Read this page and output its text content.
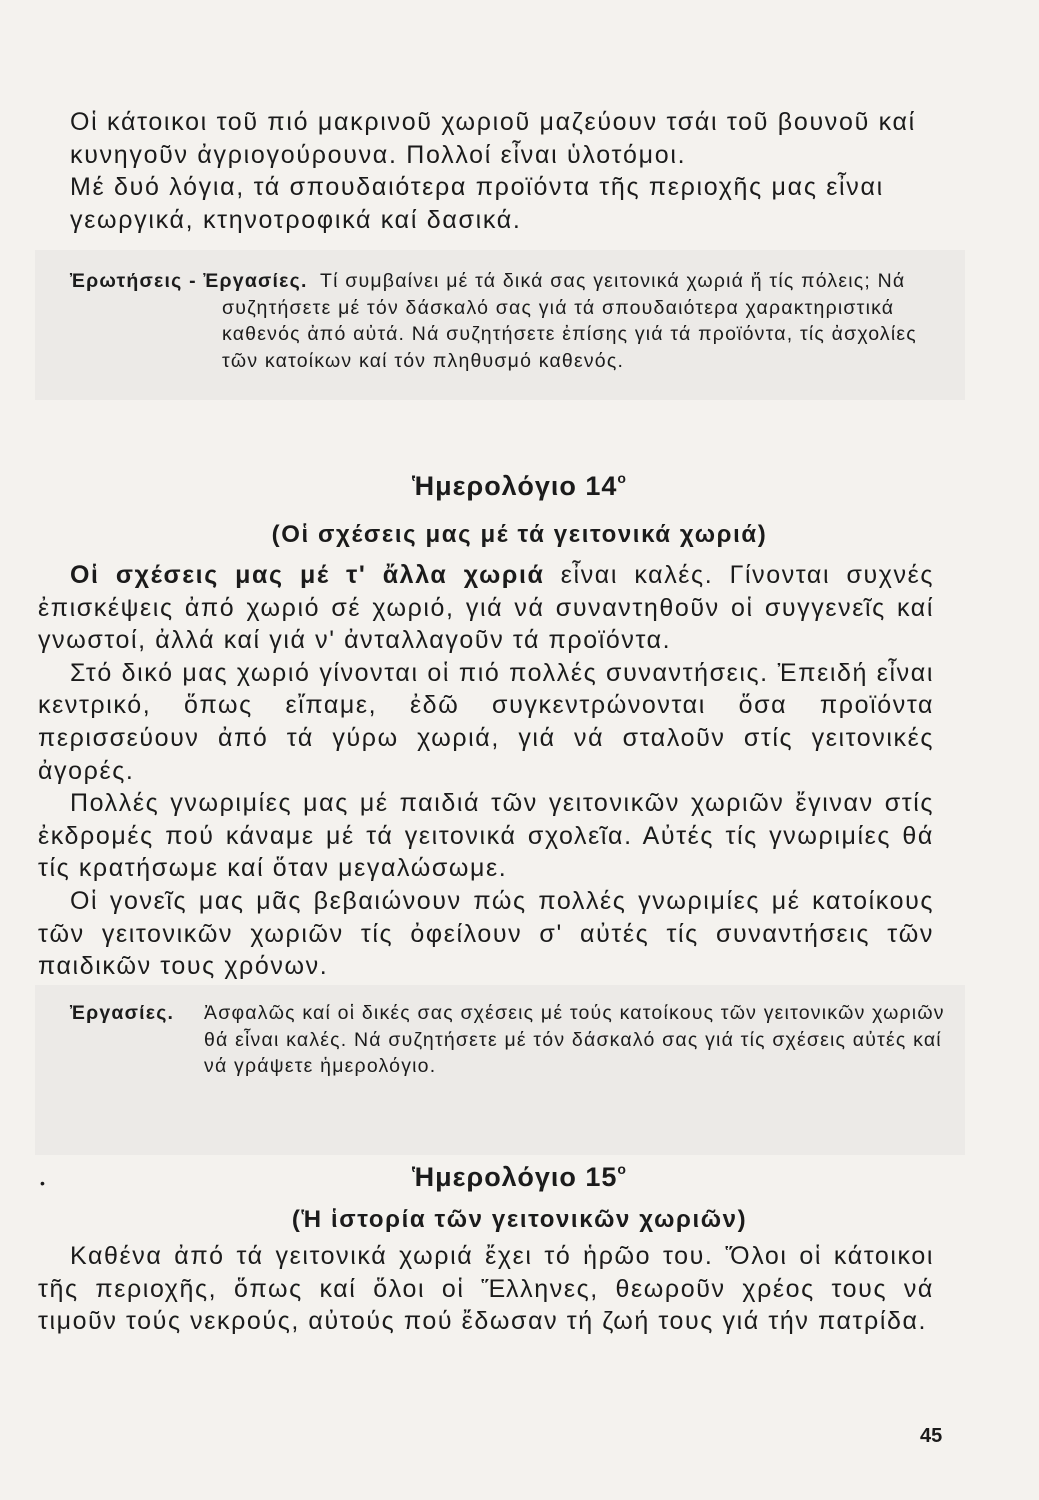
Οἱ κάτοικοι τοῦ πιό μακρινοῦ χωριοῦ μαζεύουν τσάι τοῦ βουνοῦ καί κυνηγοῦν ἀγριογούρουνα. Πολλοί εἶναι ὑλοτόμοι.

Μέ δυό λόγια, τά σπουδαιότερα προϊόντα τῆς περιοχῆς μας εἶναι γεωργικά, κτηνοτροφικά καί δασικά.

Ἐρωτήσεις - Ἐργασίες. Τί συμβαίνει μέ τά δικά σας γειτονικά χωριά ἤ τίς πόλεις; Νά συζητήσετε μέ τόν δάσκαλό σας γιά τά σπουδαιότερα χαρακτηριστικά καθενός ἀπό αὐτά. Νά συζητήσετε ἐπίσης γιά τά προϊόντα, τίς ἀσχολίες τῶν κατοίκων καί τόν πληθυσμό καθενός.
Ἡμερολόγιο $14^o$
(Οἱ σχέσεις μας μέ τά γειτονικά χωριά)

Οἱ σχέσεις μας μέ τ' ἄλλα χωριά εἶναι καλές. Γίνονται συχνές ἐπισκέψεις ἀπό χωριό σέ χωριό, γιά νά συναντηθοῦν οἱ συγγενεῖς καί γνωστοί, ἀλλά καί γιά ν' ἀνταλλαγοῦν τά προϊόντα.

Στό δικό μας χωριό γίνονται οἱ πιό πολλές συναντήσεις. Ἐπειδή εἶναι κεντρικό, ὅπως εἴπαμε, ἐδῶ συγκεντρώνονται ὅσα προϊόντα περισσεύουν ἀπό τά γύρω χωριά, γιά νά σταλοῦν στίς γειτονικές ἀγορές.

Πολλές γνωριμίες μας μέ παιδιά τῶν γειτονικῶν χωριῶν ἔγιναν στίς ἐκδρομές πού κάναμε μέ τά γειτονικά σχολεῖα. Αὐτές τίς γνωριμίες θά τίς κρατήσωμε καί ὅταν μεγαλώσωμε.

Οἱ γονεῖς μας μᾶς βεβαιώνουν πώς πολλές γνωριμίες μέ κατοίκους τῶν γειτονικῶν χωριῶν τίς ὀφείλουν σ' αὐτές τίς συναντήσεις τῶν παιδικῶν τους χρόνων.

Ἐργασίες. Ἀσφαλῶς καί οἱ δικές σας σχέσεις μέ τούς κατοίκους τῶν γειτονικῶν χωριῶν θά εἶναι καλές. Νά συζητήσετε μέ τόν δάσκαλό σας γιά τίς σχέσεις αὐτές καί νά γράψετε ἡμερολόγιο.
•	Ἡμερολόγιο $15^o$
(Ἡ ἱστορία τῶν γειτονικῶν χωριῶν)

Καθένα ἀπό τά γειτονικά χωριά ἔχει τό ἡρῶο του. Ὅλοι οἱ κάτοικοι τῆς περιοχῆς, ὅπως καί ὅλοι οἱ Ἕλληνες, θεωροῦν χρέος τους νά τιμοῦν τούς νεκρούς, αὐτούς πού ἔδωσαν τή ζωή τους γιά τήν πατρίδα.

45
